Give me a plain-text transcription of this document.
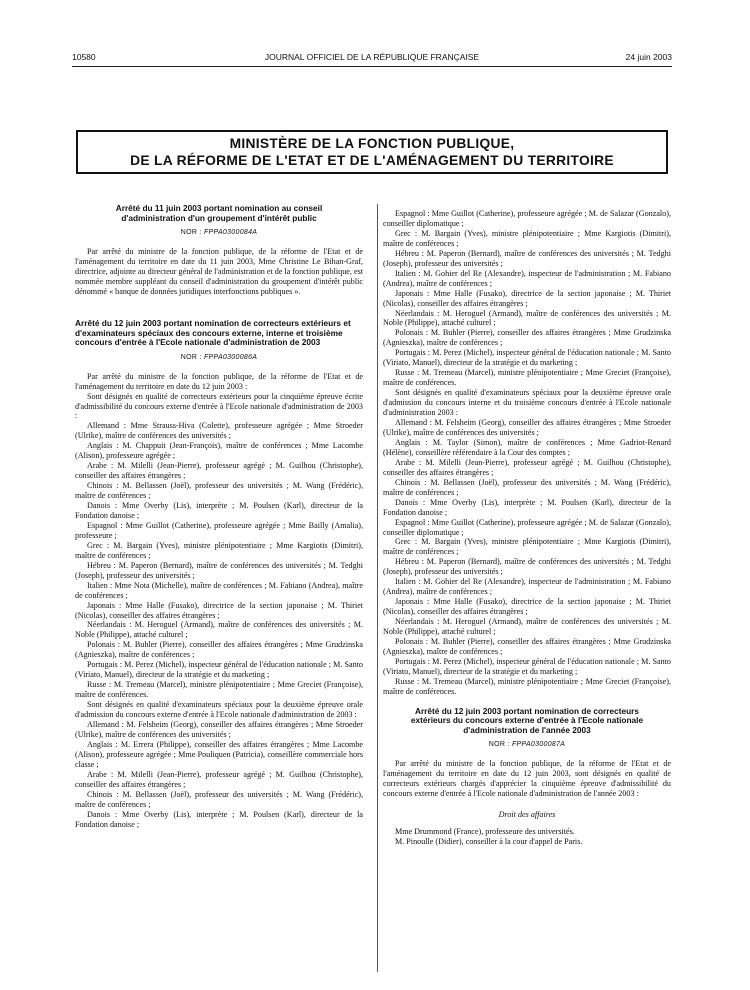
10580	JOURNAL OFFICIEL DE LA RÉPUBLIQUE FRANÇAISE	24 juin 2003
MINISTÈRE DE LA FONCTION PUBLIQUE,
DE LA RÉFORME DE L'ETAT ET DE L'AMÉNAGEMENT DU TERRITOIRE
Arrêté du 11 juin 2003 portant nomination au conseil d'administration d'un groupement d'intérêt public
NOR : FPPA0300084A

Par arrêté du ministre de la fonction publique, de la réforme de l'Etat et de l'aménagement du territoire en date du 11 juin 2003, Mme Christine Le Bihan-Graf, directrice, adjointe au directeur général de l'administration et de la fonction publique, est nommée membre suppléant du conseil d'administration du groupement d'intérêt public dénommé « banque de données juridiques interfonctions publiques ».

Arrêté du 12 juin 2003 portant nomination de correcteurs extérieurs et d'examinateurs spéciaux des concours externe, interne et troisième concours d'entrée à l'Ecole nationale d'administration de 2003
NOR : FPPA0300086A

Par arrêté du ministre de la fonction publique, de la réforme de l'Etat et de l'aménagement du territoire en date du 12 juin 2003 :

Sont désignés en qualité de correcteurs extérieurs pour la cinquième épreuve écrite d'admissibilité du concours externe d'entrée à l'Ecole nationale d'administration de 2003 :

Allemand : Mme Strauss-Hiva (Colette), professeure agrégée ; Mme Stroeder (Ulrike), maître de conférences des universités ;

Anglais : M. Chappuit (Jean-François), maître de conférences ; Mme Lacombe (Alison), professeure agrégée ;

Arabe : M. Milelli (Jean-Pierre), professeur agrégé ; M. Guilhou (Christophe), conseiller des affaires étrangères ;

Chinois : M. Bellassen (Joël), professeur des universités ; M. Wang (Frédéric), maître de conférences ;

Danois : Mme Overby (Lis), interprète ; M. Poulsen (Karl), directeur de la Fondation danoise ;

Espagnol : Mme Guillot (Catherine), professeure agrégée ; Mme Bailly (Amalia), professeure ;

Grec : M. Bargain (Yves), ministre plénipotentiaire ; Mme Kargiotis (Dimitri), maître de conférences ;

Hébreu : M. Paperon (Bernard), maître de conférences des universités ; M. Tedghi (Joseph), professeur des universités ;

Italien : Mme Nota (Michelle), maître de conférences ; M. Fabiano (Andrea), maître de conférences ;

Japonais : Mme Halle (Fusako), directrice de la section japonaise ; M. Thiriet (Nicolas), conseiller des affaires étrangères ;

Néerlandais : M. Heroguel (Armand), maître de conférences des universités ; M. Noble (Philippe), attaché culturel ;

Polonais : M. Buhler (Pierre), conseiller des affaires étrangères ; Mme Grudzinska (Agnieszka), maître de conférences ;

Portugais : M. Perez (Michel), inspecteur général de l'éducation nationale ; M. Santo (Viriato, Manuel), directeur de la stratégie et du marketing ;

Russe : M. Tremeau (Marcel), ministre plénipotentiaire ; Mme Greciet (Françoise), maître de conférences.

Sont désignés en qualité d'examinateurs spéciaux pour la deuxième épreuve orale d'admission du concours externe d'entrée à l'Ecole nationale d'administration de 2003 :

Allemand : M. Felsheim (Georg), conseiller des affaires étrangères ; Mme Stroeder (Ulrike), maître de conférences des universités ;

Anglais : M. Errera (Philippe), conseiller des affaires étrangères ; Mme Lacombe (Alison), professeure agrégée ; Mme Pouliquen (Patricia), conseillère commerciale hors classe ;

Arabe : M. Milelli (Jean-Pierre), professeur agrégé ; M. Guilhou (Christophe), conseiller des affaires étrangères ;

Chinois : M. Bellassen (Joël), professeur des universités ; M. Wang (Frédéric), maître de conférences ;

Danois : Mme Overby (Lis), interprète ; M. Poulsen (Karl), directeur de la Fondation danoise ;

Espagnol : Mme Guillot (Catherine), professeure agrégée ; M. de Salazar (Gonzalo), conseiller diplomatique ;

Grec : M. Bargain (Yves), ministre plénipotentiaire ; Mme Kargiotis (Dimitri), maître de conférences ;

Hébreu : M. Paperon (Bernard), maître de conférences des universités ; M. Tedghi (Joseph), professeur des universités ;

Italien : M. Gohier del Re (Alexandre), inspecteur de l'administration ; M. Fabiano (Andrea), maître de conférences ;

Japonais : Mme Halle (Fusako), directrice de la section japonaise ; M. Thiriet (Nicolas), conseiller des affaires étrangères ;

Néerlandais : M. Heroguel (Armand), maître de conférences des universités ; M. Noble (Philippe), attaché culturel ;

Polonais : M. Buhler (Pierre), conseiller des affaires étrangères ; Mme Grudzinska (Agnieszka), maître de conférences ;

Portugais : M. Perez (Michel), inspecteur général de l'éducation nationale ; M. Santo (Viriato, Manuel), directeur de la stratégie et du marketing ;

Russe : M. Tremeau (Marcel), ministre plénipotentiaire ; Mme Greciet (Françoise), maître de conférences.

Sont désignés en qualité d'examinateurs spéciaux pour la deuxième épreuve orale d'admission du concours interne et du troisième concours d'entrée à l'Ecole nationale d'administration 2003 :

Allemand : M. Felsheim (Georg), conseiller des affaires étrangères ; Mme Stroeder (Ulrike), maître de conférences des universités ;

Anglais : M. Taylor (Simon), maître de conférences ; Mme Gadriot-Renard (Hélène), conseillère référendaire à la Cour des comptes ;

Arabe : M. Milelli (Jean-Pierre), professeur agrégé ; M. Guilhou (Christophe), conseiller des affaires étrangères ;

Chinois : M. Bellassen (Joël), professeur des universités ; M. Wang (Frédéric), maître de conférences ;

Danois : Mme Overby (Lis), interprète ; M. Poulsen (Karl), directeur de la Fondation danoise ;

Espagnol : Mme Guillot (Catherine), professeure agrégée ; M. de Salazar (Gonzalo), conseiller diplomatique ;

Grec : M. Bargain (Yves), ministre plénipotentiaire ; Mme Kargiotis (Dimitri), maître de conférences ;

Hébreu : M. Paperon (Bernard), maître de conférences des universités ; M. Tedghi (Joseph), professeur des universités ;

Italien : M. Gohier del Re (Alexandre), inspecteur de l'administration ; M. Fabiano (Andrea), maître de conférences ;

Japonais : Mme Halle (Fusako), directrice de la section japonaise ; M. Thiriet (Nicolas), conseiller des affaires étrangères ;

Néerlandais : M. Heroguel (Armand), maître de conférences des universités ; M. Noble (Philippe), attaché culturel ;

Polonais : M. Buhler (Pierre), conseiller des affaires étrangères ; Mme Grudzinska (Agnieszka), maître de conférences ;

Portugais : M. Perez (Michel), inspecteur général de l'éducation nationale ; M. Santo (Viriato, Manuel), directeur de la stratégie et du marketing ;

Russe : M. Tremeau (Marcel), ministre plénipotentiaire ; Mme Greciet (Françoise), maître de conférences.

Arrêté du 12 juin 2003 portant nomination de correcteurs extérieurs du concours externe d'entrée à l'Ecole nationale d'administration de l'année 2003
NOR : FPPA0300087A

Par arrêté du ministre de la fonction publique, de la réforme de l'Etat et de l'aménagement du territoire en date du 12 juin 2003, sont désignés en qualité de correcteurs extérieurs chargés d'apprécier la cinquième épreuve d'admissibilité du concours externe d'entrée à l'Ecole nationale d'administration de l'année 2003 :

Droit des affaires

Mme Drummond (France), professeure des universités.

M. Pinoulle (Didier), conseiller à la cour d'appel de Paris.
